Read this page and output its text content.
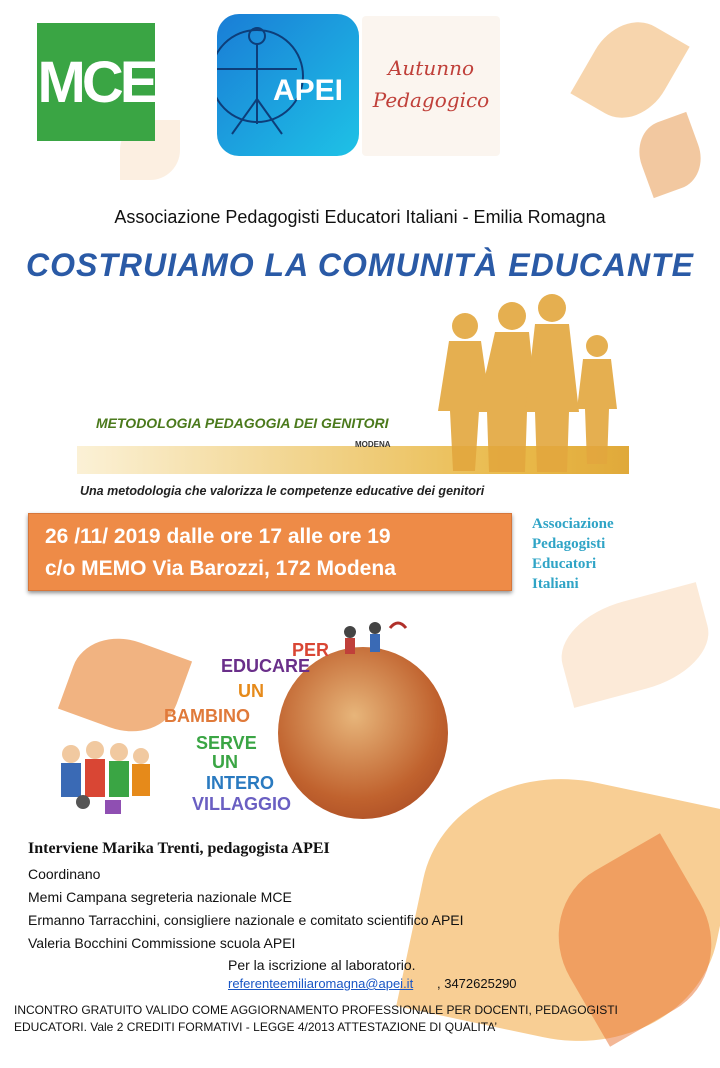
MCE	APEI
Autunno
Pedagogico
Associazione Pedagogisti Educatori Italiani - Emilia Romagna
COSTRUIAMO LA COMUNITÀ EDUCANTE
METODOLOGIA PEDAGOGIA DEI GENITORI
MODENA
Una metodologia che valorizza le competenze educative dei genitori
26 /11/ 2019 dalle ore 17 alle ore 19
c/o MEMO Via Barozzi, 172 Modena
Associazione
Pedagogisti
Educatori
Italiani
PER
EDUCARE
UN
BAMBINO
SERVE
UN
INTERO
VILLAGGIO
Interviene Marika Trenti, pedagogista APEI
Coordinano
Memi Campana segreteria nazionale MCE
Ermanno Tarracchini, consigliere nazionale e comitato scientifico APEI
Valeria Bocchini Commissione scuola APEI
Per la iscrizione al laboratorio.
referenteemiliaromagna@apei.it , 3472625290
INCONTRO GRATUITO VALIDO COME AGGIORNAMENTO PROFESSIONALE PER DOCENTI, PEDAGOGISTI
EDUCATORI. Vale 2 CREDITI FORMATIVI - LEGGE 4/2013 ATTESTAZIONE DI QUALITA’
